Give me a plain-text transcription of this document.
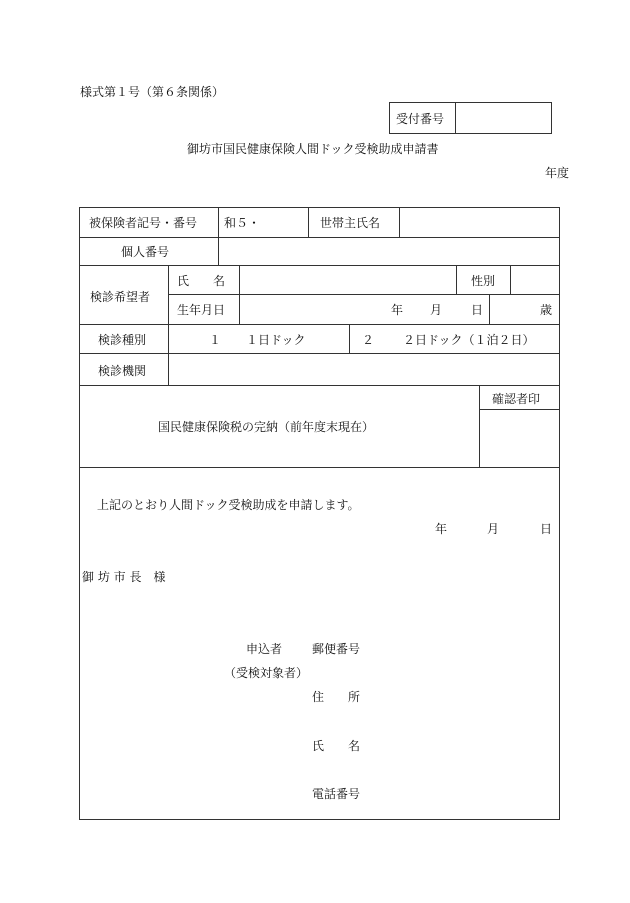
様式第１号（第６条関係）
受付番号
御坊市国民健康保険人間ドック受検助成申請書
年度
被保険者記号・番号 和５・	世帯主氏名
個人番号
検診希望者
氏　　名	性別
生年月日	年 月 日	歳
検診種別	１ １日ドック	２ ２日ドック（１泊２日）
検診機関
国民健康保険税の完納（前年度末現在）
確認者印
上記のとおり人間ドック受検助成を申請します。
年	月	日
御 坊 市 長　様
申込者
（受検対象者）
郵便番号
住　　所
氏　　名
電話番号
